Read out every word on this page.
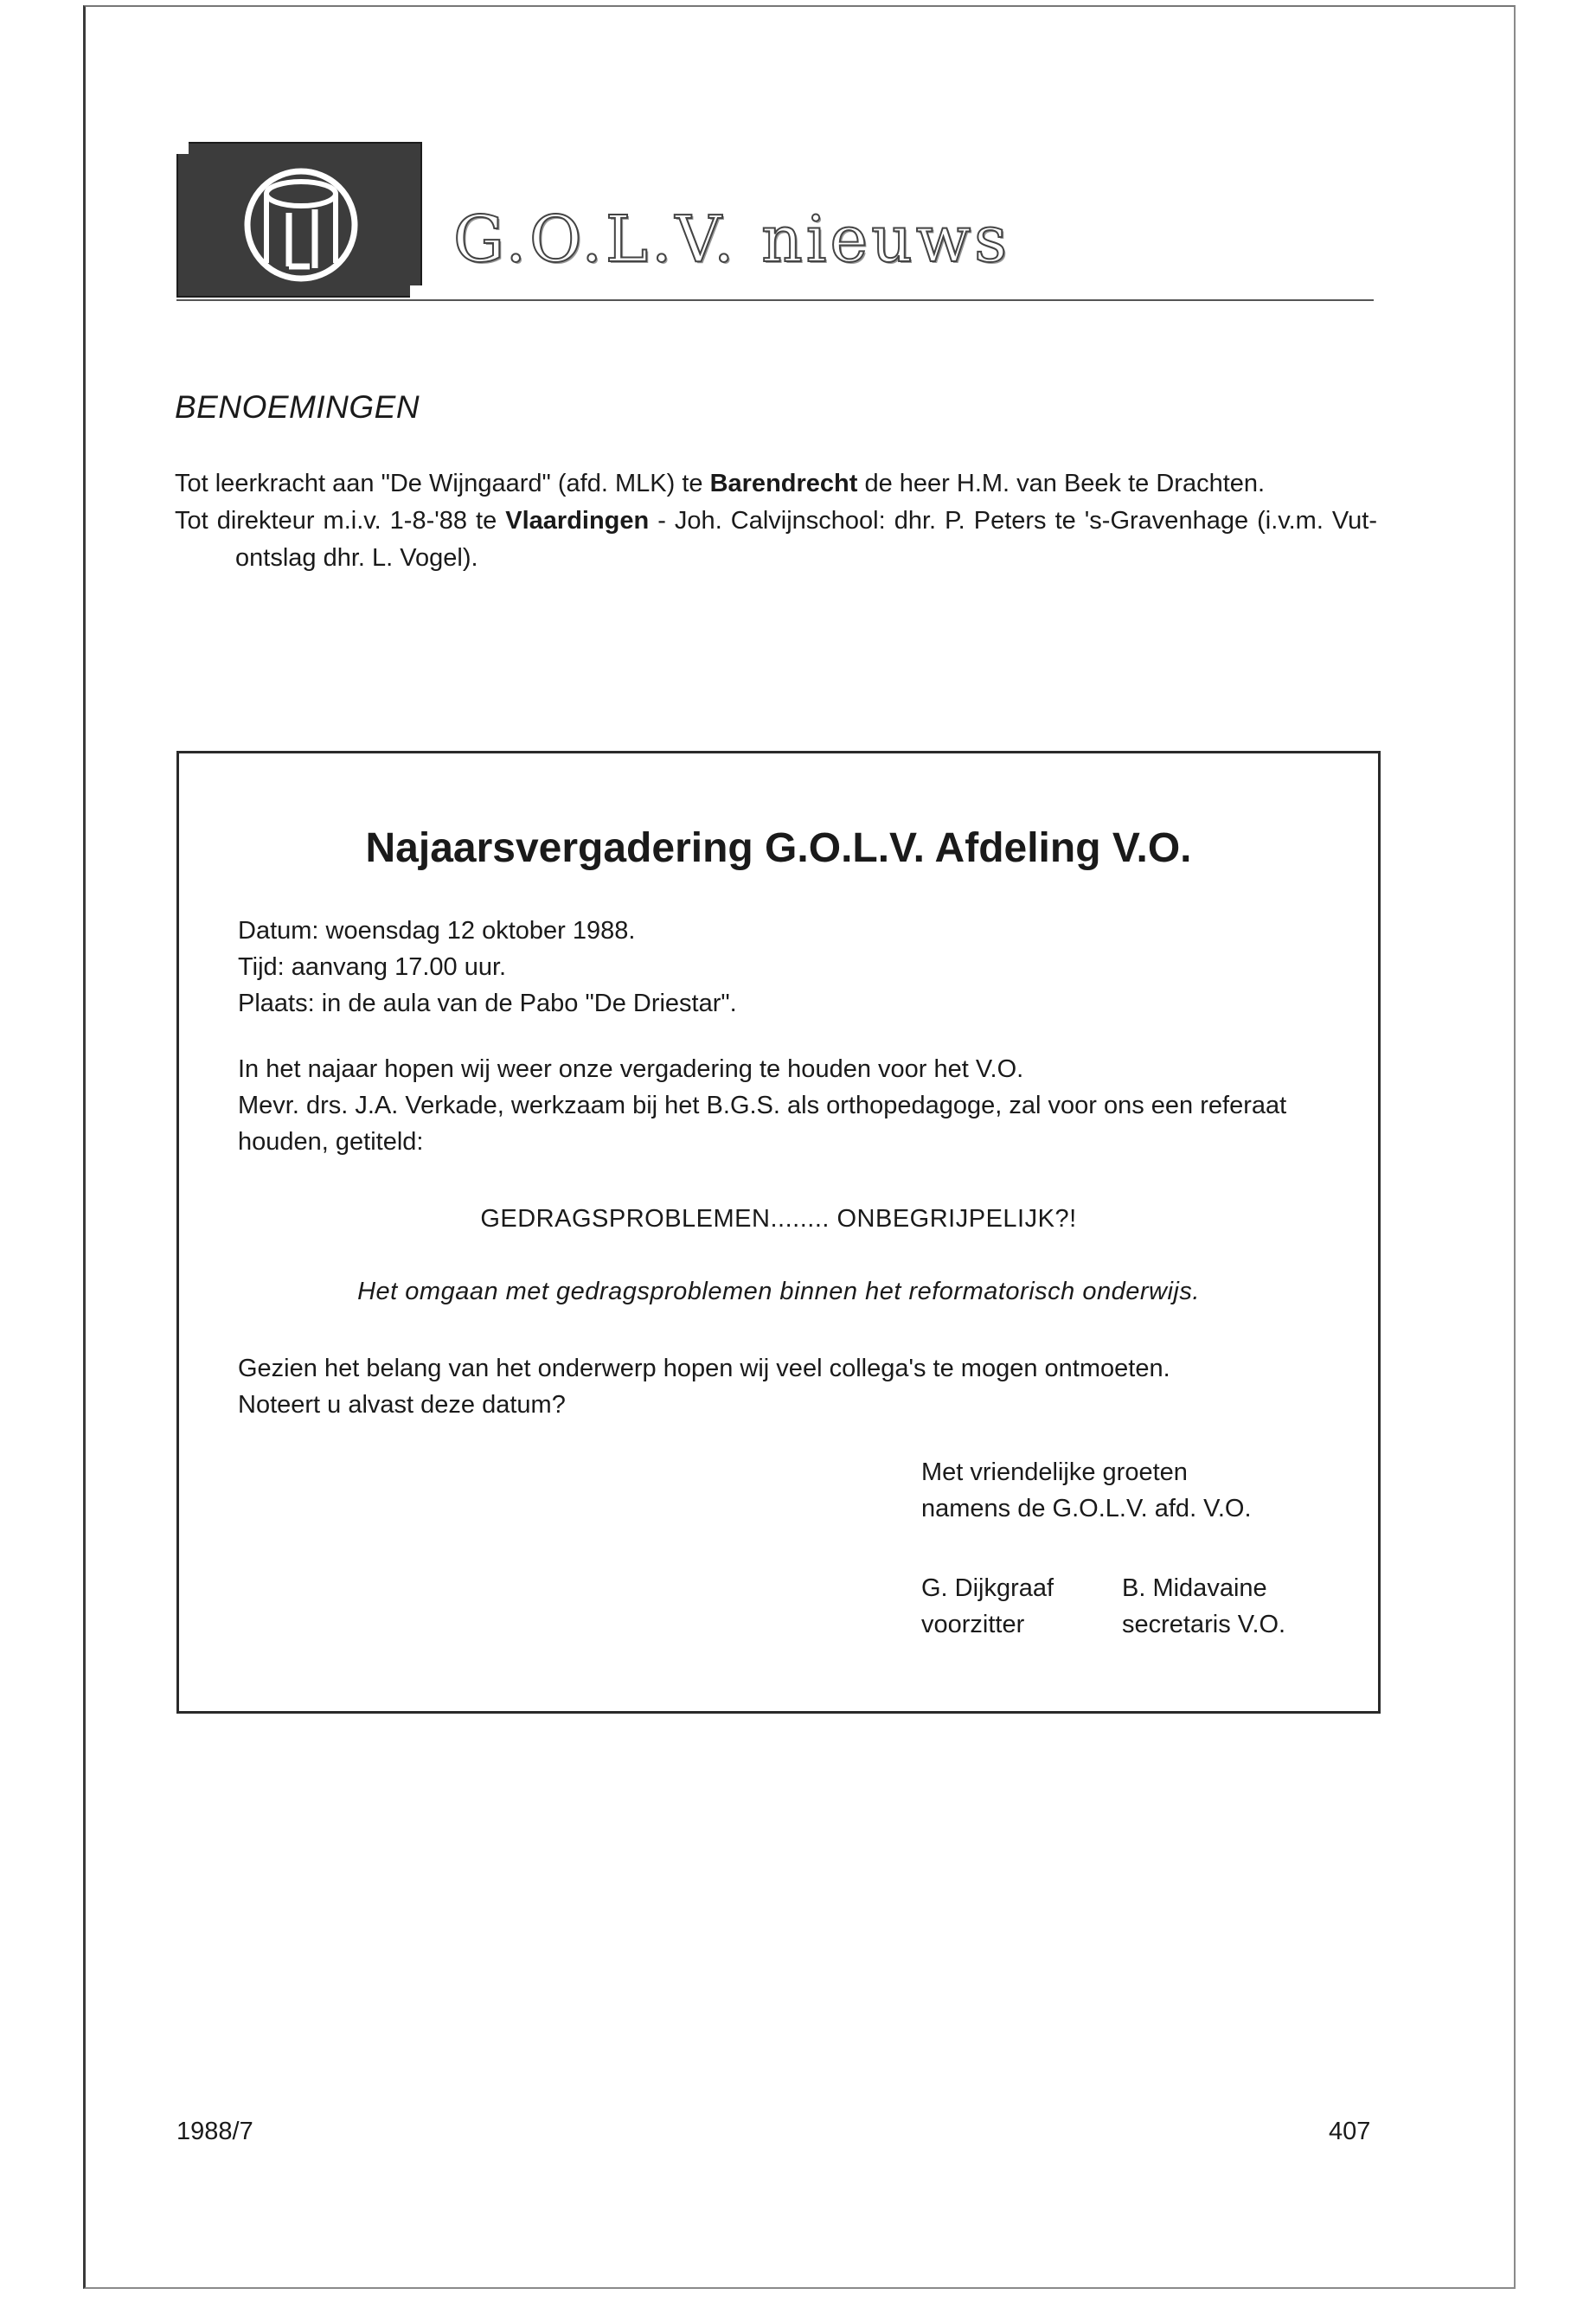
G.O.L.V. nieuws
BENOEMINGEN

Tot leerkracht aan "De Wijngaard" (afd. MLK) te Barendrecht de heer H.M. van Beek te Drachten.

Tot direkteur m.i.v. 1-8-'88 te Vlaardingen - Joh. Calvijnschool: dhr. P. Peters te 's-Gravenhage (i.v.m. Vut-ontslag dhr. L. Vogel).

Najaarsvergadering G.O.L.V. Afdeling V.O.

Datum: woensdag 12 oktober 1988.

Tijd: aanvang 17.00 uur.

Plaats: in de aula van de Pabo "De Driestar".

In het najaar hopen wij weer onze vergadering te houden voor het V.O.

Mevr. drs. J.A. Verkade, werkzaam bij het B.G.S. als orthopedagoge, zal voor ons een referaat houden, getiteld:

GEDRAGSPROBLEMEN........ ONBEGRIJPELIJK?!

Het omgaan met gedragsproblemen binnen het reformatorisch onderwijs.

Gezien het belang van het onderwerp hopen wij veel collega's te mogen ontmoeten.

Noteert u alvast deze datum?

Met vriendelijke groeten

namens de G.O.L.V. afd. V.O.

G. Dijkgraaf

voorzitter

B. Midavaine

secretaris V.O.

1988/7	407
